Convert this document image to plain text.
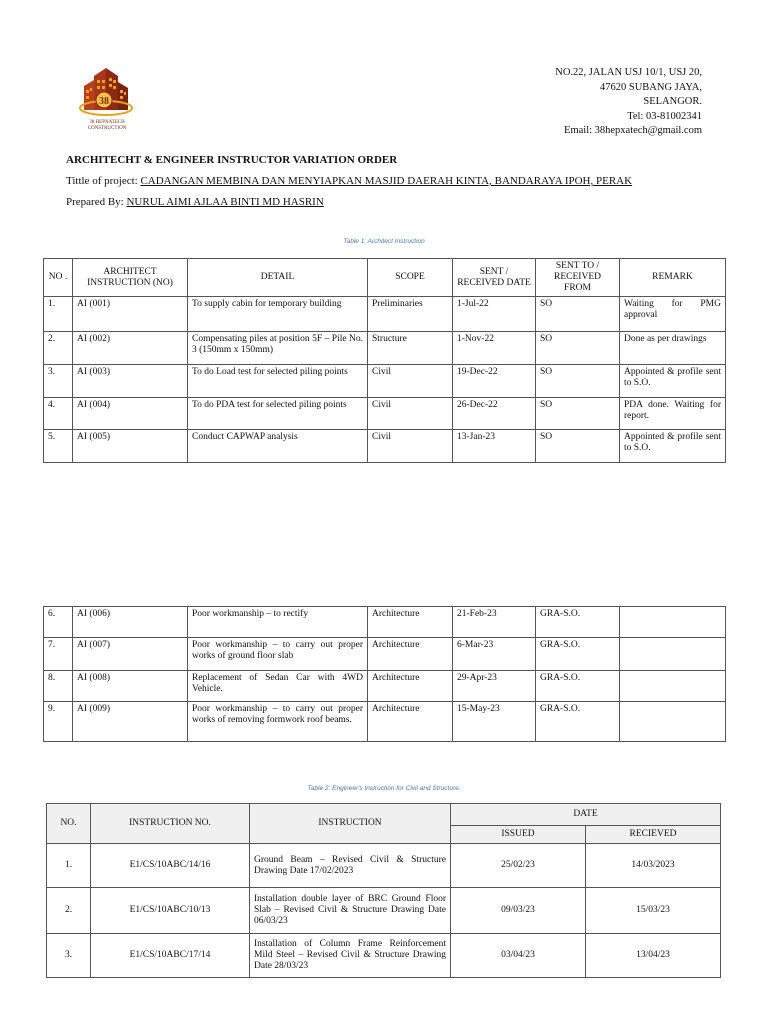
38
38 HEPXATECH
CONSTRUCTION
NO.22, JALAN USJ 10/1, USJ 20,
47620 SUBANG JAYA,
SELANGOR.
Tel: 03-81002341
Email: 38hepxatech@gmail.com
ARCHITECHT & ENGINEER INSTRUCTOR VARIATION ORDER
Tittle of project: CADANGAN MEMBINA DAN MENYIAPKAN MASJID DAERAH KINTA, BANDARAYA IPOH, PERAK
Prepared By: NURUL AIMI AJLAA BINTI MD HASRIN
Table 1: Architect Instruction
NO .	ARCHITECT INSTRUCTION (NO)	DETAIL	SCOPE	SENT / RECEIVED DATE	SENT TO / RECEIVED FROM	REMARK
1.	AI (001)	To supply cabin for temporary building	Preliminaries	1-Jul-22	SO	Waiting for PMG approval
2.	AI (002)	Compensating piles at position 5F – Pile No. 3 (150mm x 150mm)	Structure	1-Nov-22	SO	Done as per drawings
3.	AI (003)	To do Load test for selected piling points	Civil	19-Dec-22	SO	Appointed & profile sent to S.O.
4.	AI (004)	To do PDA test for selected piling points	Civil	26-Dec-22	SO	PDA done. Waiting for report.
5.	AI (005)	Conduct CAPWAP analysis	Civil	13-Jan-23	SO	Appointed & profile sent to S.O.
6.	AI (006)	Poor workmanship – to rectify	Architecture	21-Feb-23	GRA-S.O.	
7.	AI (007)	Poor workmanship – to carry out proper works of ground floor slab	Architecture	6-Mar-23	GRA-S.O.	
8.	AI (008)	Replacement of Sedan Car with 4WD Vehicle.	Architecture	29-Apr-23	GRA-S.O.	
9.	AI (009)	Poor workmanship – to carry out proper works of removing formwork roof beams.	Architecture	15-May-23	GRA-S.O.	
Table 2: Engineer's Instruction for Civil and Structure.
NO.	INSTRUCTION NO.	INSTRUCTION	DATE	
			ISSUED	RECIEVED
1.	E1/CS/10ABC/14/16	Ground Beam – Revised Civil & Structure Drawing Date 17/02/2023	25/02/23	14/03/2023
2.	E1/CS/10ABC/10/13	Installation double layer of BRC Ground Floor Slab – Revised Civil & Structure Drawing Date 06/03/23	09/03/23	15/03/23
3.	E1/CS/10ABC/17/14	Installation of Column Frame Reinforcement Mild Steel – Revised Civil & Structure Drawing Date 28/03/23	03/04/23	13/04/23
